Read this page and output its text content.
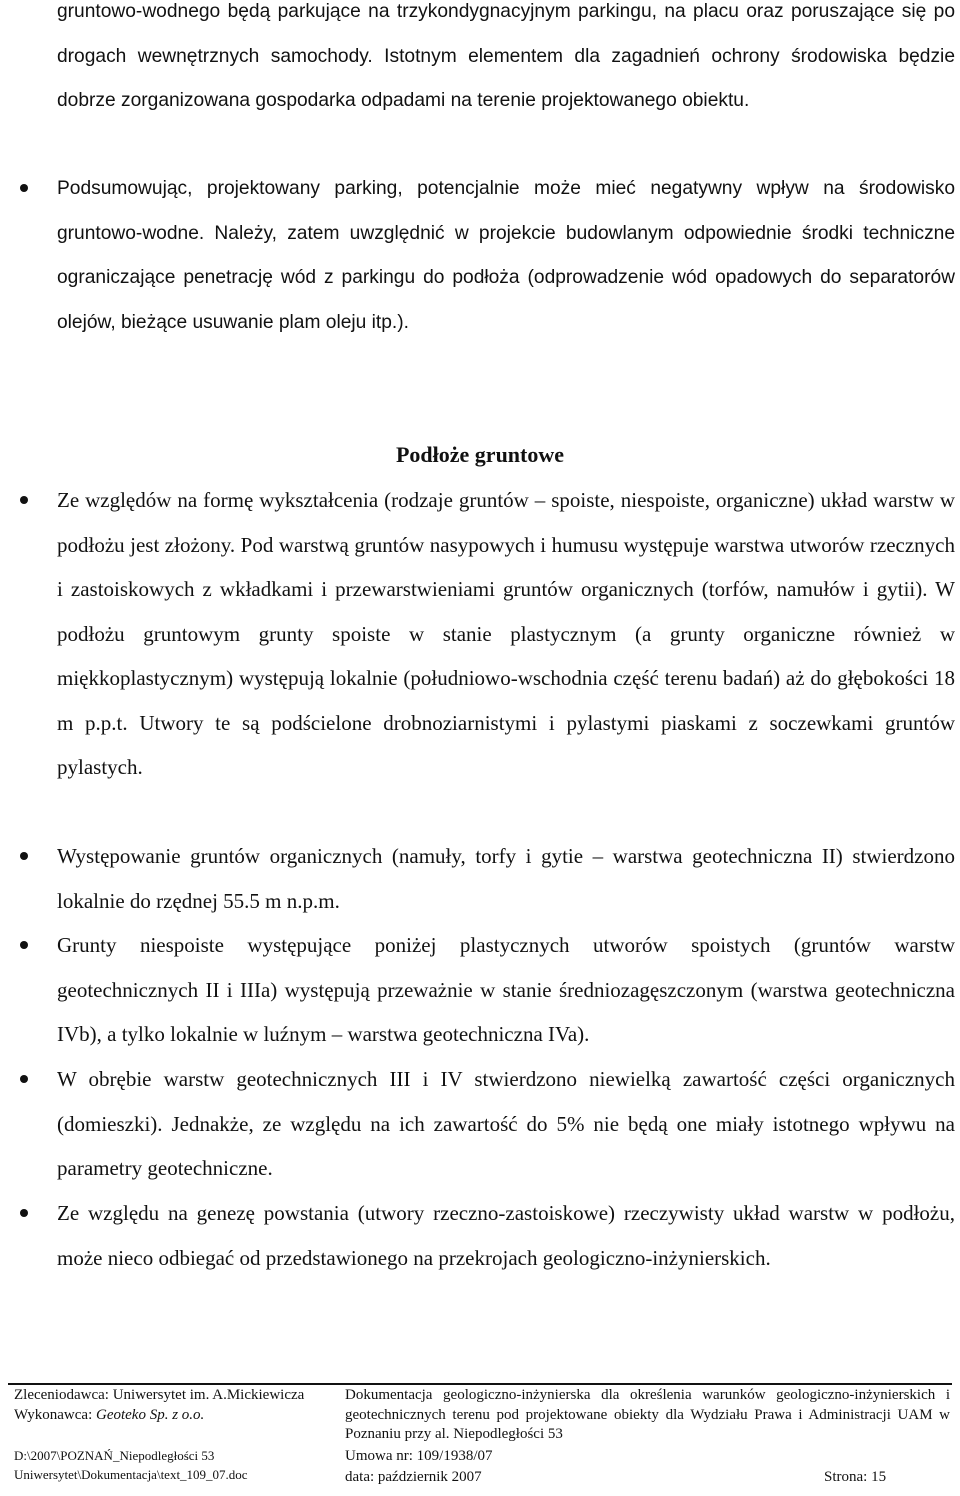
gruntowo-wodnego będą parkujące na trzykondygnacyjnym parkingu, na placu oraz poruszające się po drogach wewnętrznych samochody. Istotnym elementem dla zagadnień ochrony środowiska będzie dobrze zorganizowana gospodarka odpadami na terenie projektowanego obiektu.

Podsumowując, projektowany parking, potencjalnie może mieć negatywny wpływ na środowisko gruntowo-wodne. Należy, zatem uwzględnić w projekcie budowlanym odpowiednie środki techniczne ograniczające penetrację wód z parkingu do podłoża (odprowadzenie wód opadowych do separatorów olejów, bieżące usuwanie plam oleju itp.).

Podłoże gruntowe

Ze względów na formę wykształcenia (rodzaje gruntów – spoiste, niespoiste, organiczne) układ warstw w podłożu jest złożony. Pod warstwą gruntów nasypowych i humusu występuje warstwa utworów rzecznych i zastoiskowych z wkładkami i przewarstwieniami gruntów organicznych (torfów, namułów i gytii). W podłożu gruntowym grunty spoiste w stanie plastycznym (a grunty organiczne również w miękkoplastycznym) występują lokalnie (południowo-wschodnia część terenu badań) aż do głębokości 18 m p.p.t. Utwory te są podścielone drobnoziarnistymi i pylastymi piaskami z soczewkami gruntów pylastych.

Występowanie gruntów organicznych (namuły, torfy i gytie – warstwa geotechniczna II) stwierdzono lokalnie do rzędnej 55.5 m n.p.m.

Grunty niespoiste występujące poniżej plastycznych utworów spoistych (gruntów warstw geotechnicznych II i IIIa) występują przeważnie w stanie średniozagęszczonym (warstwa geotechniczna IVb), a tylko lokalnie w luźnym – warstwa geotechniczna IVa).

W obrębie warstw geotechnicznych III i IV stwierdzono niewielką zawartość części organicznych (domieszki). Jednakże, ze względu na ich zawartość do 5% nie będą one miały istotnego wpływu na parametry geotechniczne.

Ze względu na genezę powstania (utwory rzeczno-zastoiskowe) rzeczywisty układ warstw w podłożu, może nieco odbiegać od przedstawionego na przekrojach geologiczno-inżynierskich.

Zleceniodawca: Uniwersytet im. A.Mickiewicza
Wykonawca: Geoteko Sp. z o.o.
D:\2007\POZNAŃ_Niepodległości 53
Uniwersytet\Dokumentacja\text_109_07.doc
Dokumentacja geologiczno-inżynierska dla określenia warunków geologiczno-inżynierskich i geotechnicznych terenu pod projektowane obiekty dla Wydziału Prawa i Administracji UAM w Poznaniu przy al. Niepodległości 53
Umowa nr: 109/1938/07
data: październik 2007	Strona: 15
